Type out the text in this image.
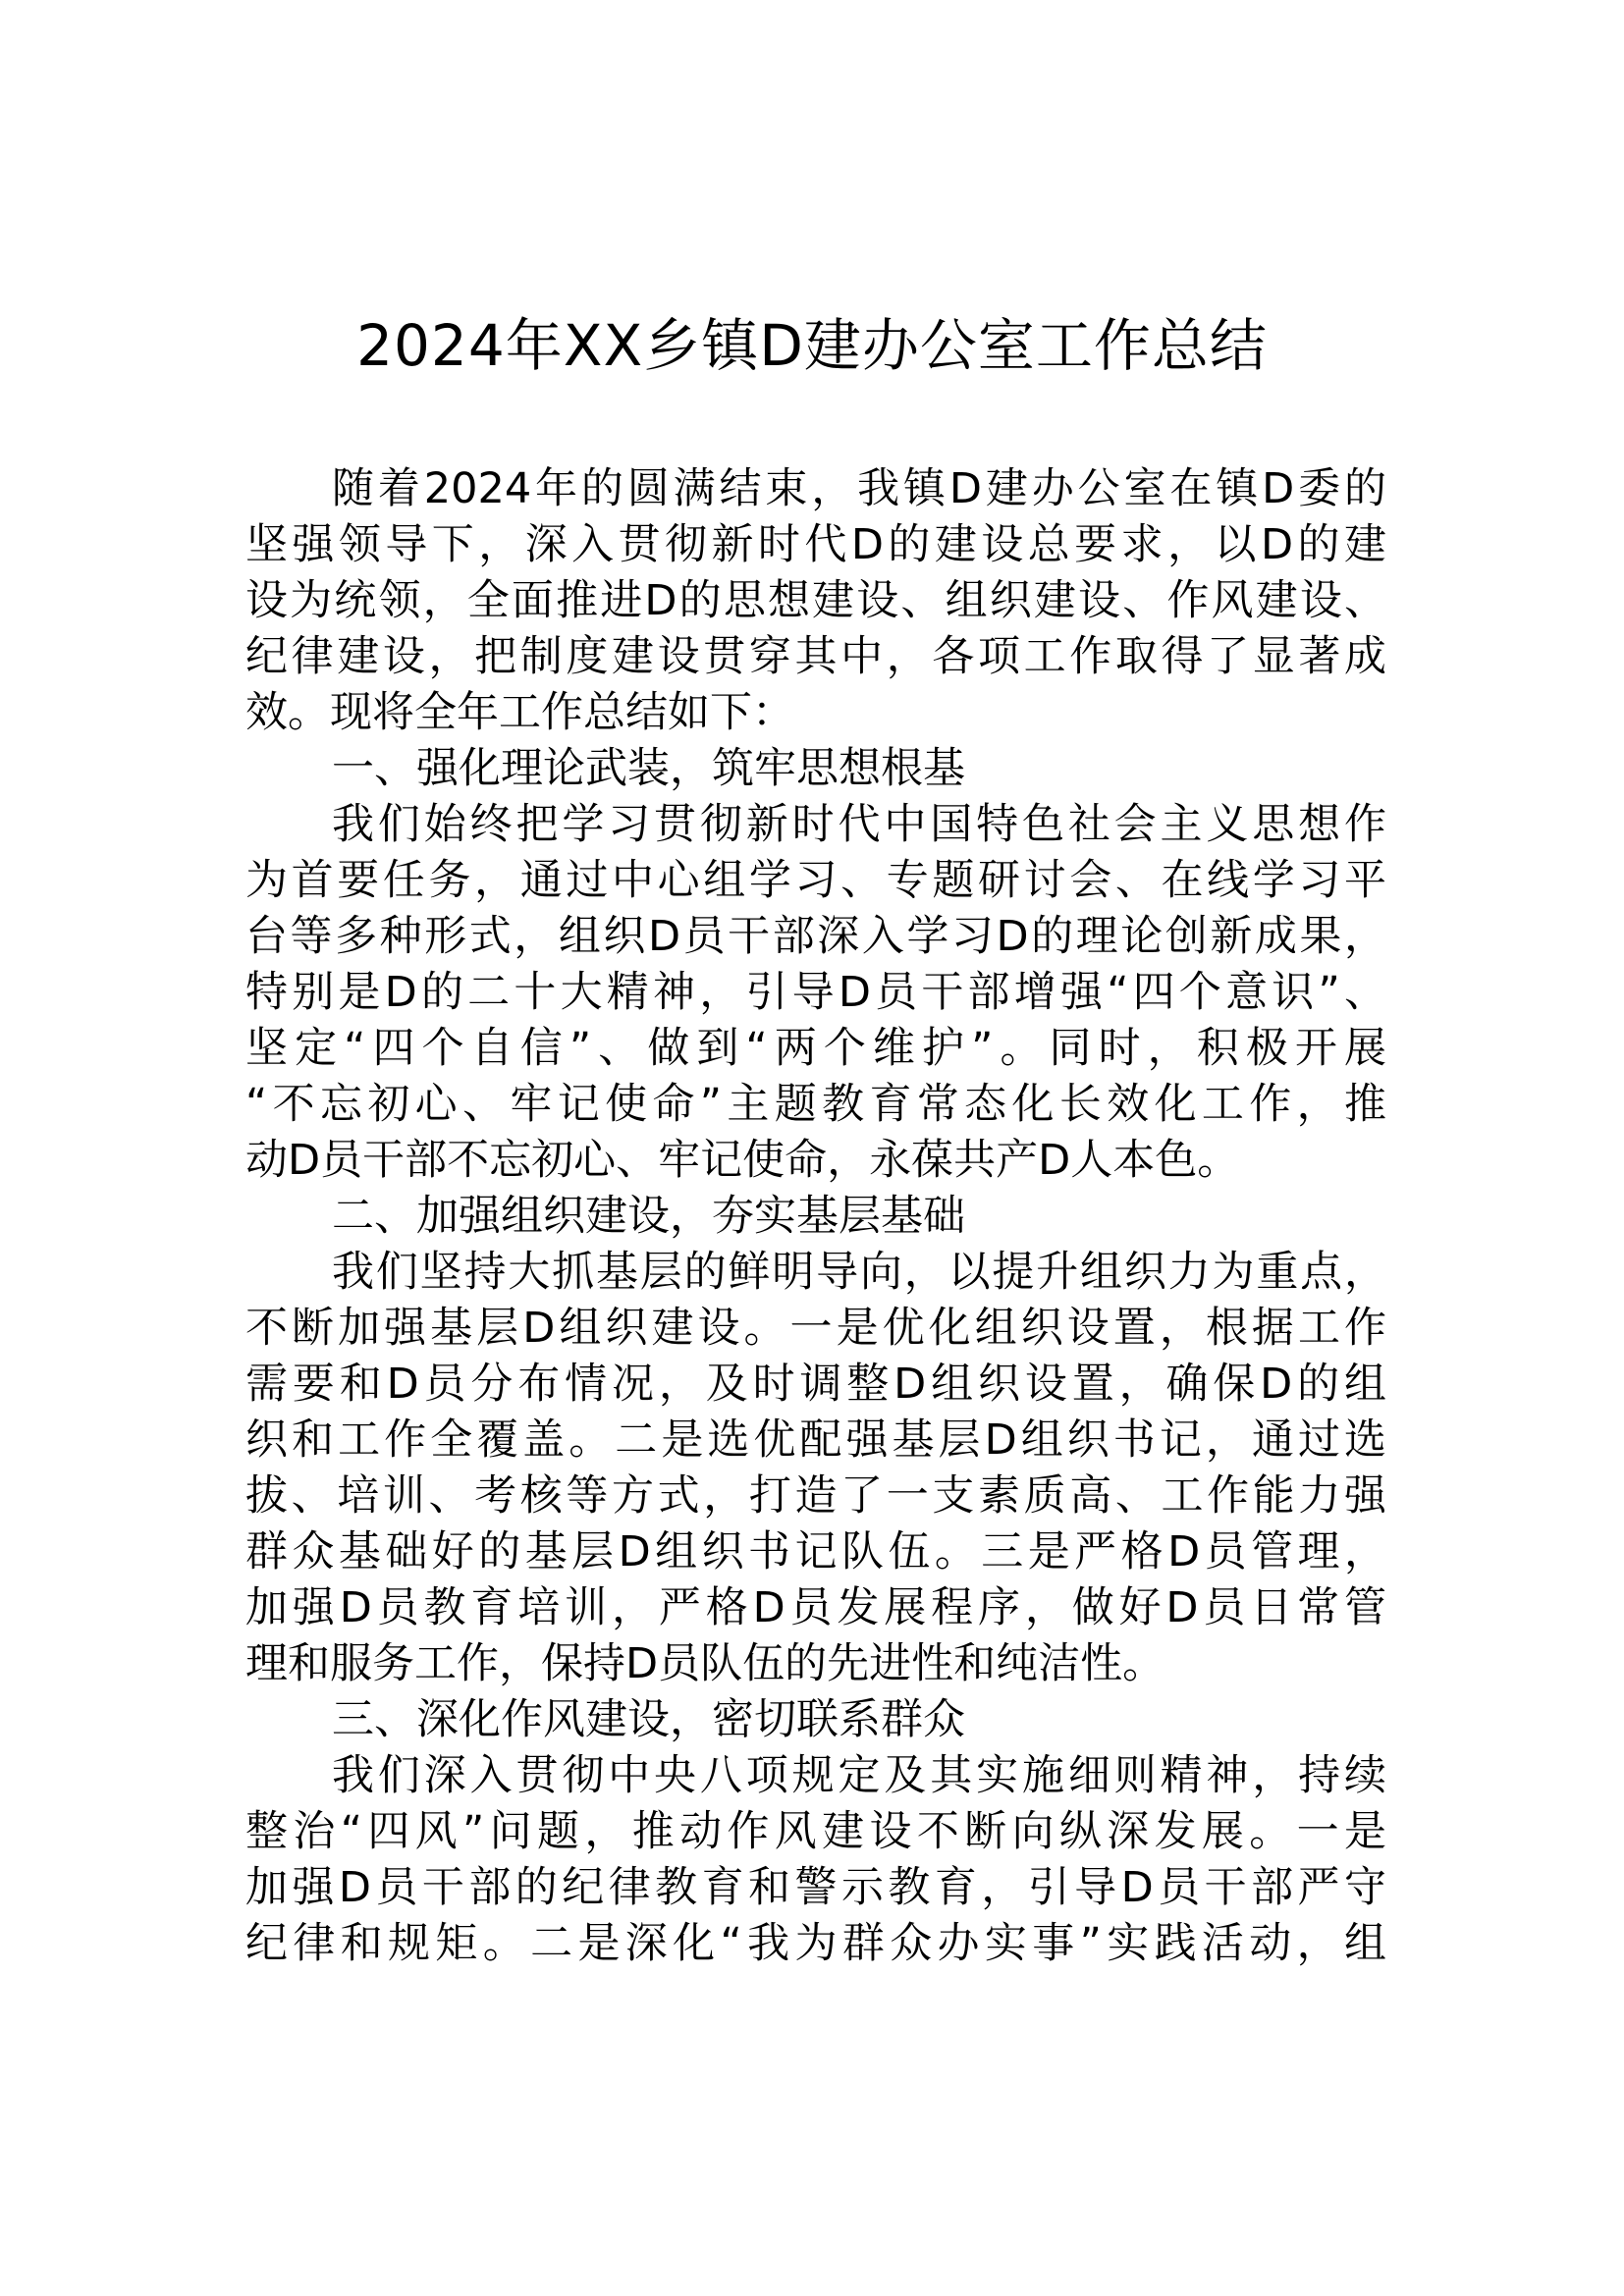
2024年XX乡镇D建办公室工作总结
随着2024年的圆满结束，我镇D建办公室在镇D委的
坚强领导下，深入贯彻新时代D的建设总要求，以D的建
设为统领，全面推进D的思想建设、组织建设、作风建设、
纪律建设，把制度建设贯穿其中，各项工作取得了显著成
效。现将全年工作总结如下：
一、强化理论武装，筑牢思想根基
我们始终把学习贯彻新时代中国特色社会主义思想作
为首要任务，通过中心组学习、专题研讨会、在线学习平
台等多种形式，组织D员干部深入学习D的理论创新成果，
特别是D的二十大精神，引导D员干部增强“四个意识”、
坚定“四个自信”、做到“两个维护”。同时，积极开展
“不忘初心、牢记使命”主题教育常态化长效化工作，推
动D员干部不忘初心、牢记使命，永葆共产D人本色。
二、加强组织建设，夯实基层基础
我们坚持大抓基层的鲜明导向，以提升组织力为重点，
不断加强基层D组织建设。一是优化组织设置，根据工作
需要和D员分布情况，及时调整D组织设置，确保D的组
织和工作全覆盖。二是选优配强基层D组织书记，通过选
拔、培训、考核等方式，打造了一支素质高、工作能力强
群众基础好的基层D组织书记队伍。三是严格D员管理，
加强D员教育培训，严格D员发展程序，做好D员日常管
理和服务工作，保持D员队伍的先进性和纯洁性。
三、深化作风建设，密切联系群众
我们深入贯彻中央八项规定及其实施细则精神，持续
整治“四风”问题，推动作风建设不断向纵深发展。一是
加强D员干部的纪律教育和警示教育，引导D员干部严守
纪律和规矩。二是深化“我为群众办实事”实践活动，组
